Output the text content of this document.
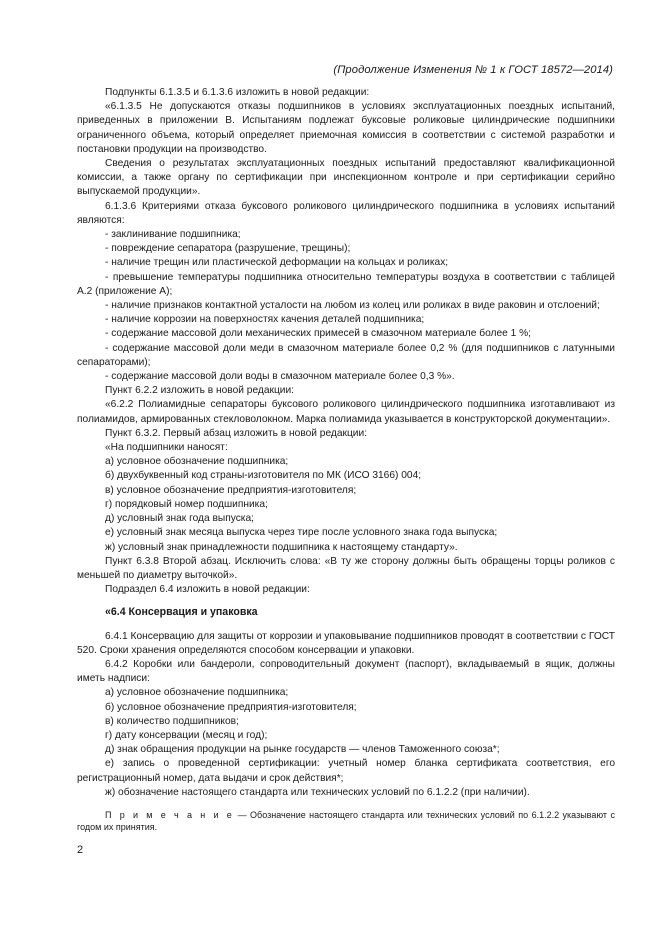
(Продолжение Изменения № 1 к ГОСТ 18572—2014)

Подпункты 6.1.3.5 и 6.1.3.6 изложить в новой редакции:

«6.1.3.5 Не допускаются отказы подшипников в условиях эксплуатационных поездных испытаний, приведенных в приложении В. Испытаниям подлежат буксовые роликовые цилиндрические подшипники ограниченного объема, который определяет приемочная комиссия в соответствии с системой разработки и постановки продукции на производство.

Сведения о результатах эксплуатационных поездных испытаний предоставляют квалификационной комиссии, а также органу по сертификации при инспекционном контроле и при сертификации серийно выпускаемой продукции».

6.1.3.6 Критериями отказа буксового роликового цилиндрического подшипника в условиях испытаний являются:

- заклинивание подшипника;

- повреждение сепаратора (разрушение, трещины);

- наличие трещин или пластической деформации на кольцах и роликах;

- превышение температуры подшипника относительно температуры воздуха в соответствии с таблицей А.2 (приложение А);

- наличие признаков контактной усталости на любом из колец или роликах в виде раковин и отслоений;

- наличие коррозии на поверхностях качения деталей подшипника;

- содержание массовой доли механических примесей в смазочном материале более 1 %;

- содержание массовой доли меди в смазочном материале более 0,2 % (для подшипников с латунными сепараторами);

- содержание массовой доли воды в смазочном материале более 0,3 %».

Пункт 6.2.2 изложить в новой редакции:

«6.2.2 Полиамидные сепараторы буксового роликового цилиндрического подшипника изготавливают из полиамидов, армированных стекловолокном. Марка полиамида указывается в конструкторской документации».

Пункт 6.3.2. Первый абзац изложить в новой редакции:

«На подшипники наносят:

а) условное обозначение подшипника;

б) двухбуквенный код страны-изготовителя по МК (ИСО 3166) 004;

в) условное обозначение предприятия-изготовителя;

г) порядковый номер подшипника;

д) условный знак года выпуска;

е) условный знак месяца выпуска через тире после условного знака года выпуска;

ж) условный знак принадлежности подшипника к настоящему стандарту».

Пункт 6.3.8 Второй абзац. Исключить слова: «В ту же сторону должны быть обращены торцы роликов с меньшей по диаметру выточкой».

Подраздел 6.4 изложить в новой редакции:

«6.4 Консервация и упаковка

6.4.1 Консервацию для защиты от коррозии и упаковывание подшипников проводят в соответствии с ГОСТ 520. Сроки хранения определяются способом консервации и упаковки.

6.4.2 Коробки или бандероли, сопроводительный документ (паспорт), вкладываемый в ящик, должны иметь надписи:

а) условное обозначение подшипника;

б) условное обозначение предприятия-изготовителя;

в) количество подшипников;

г) дату консервации (месяц и год);

д) знак обращения продукции на рынке государств — членов Таможенного союза*;

е) запись о проведенной сертификации: учетный номер бланка сертификата соответствия, его регистрационный номер, дата выдачи и срок действия*;

ж) обозначение настоящего стандарта или технических условий по 6.1.2.2 (при наличии).

П р и м е ч а н и е — Обозначение настоящего стандарта или технических условий по 6.1.2.2 указывают с годом их принятия.

2
